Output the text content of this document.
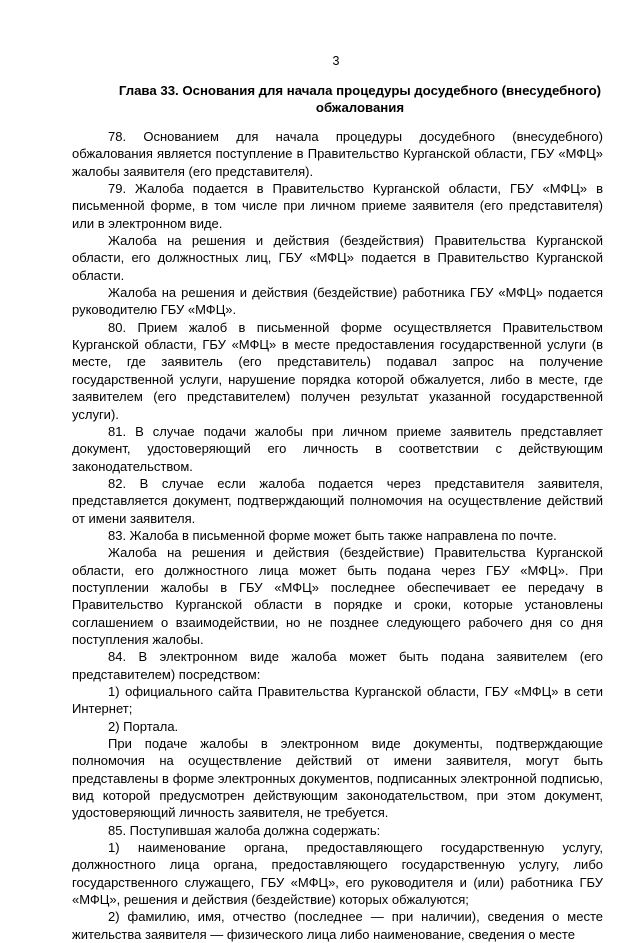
3
Глава 33. Основания для начала процедуры досудебного (внесудебного) обжалования

78. Основанием для начала процедуры досудебного (внесудебного) обжалования является поступление в Правительство Курганской области, ГБУ «МФЦ» жалобы заявителя (его представителя).

79. Жалоба подается в Правительство Курганской области, ГБУ «МФЦ» в письменной форме, в том числе при личном приеме заявителя (его представителя) или в электронном виде.

Жалоба на решения и действия (бездействия) Правительства Курганской области, его должностных лиц, ГБУ «МФЦ» подается в Правительство Курганской области.

Жалоба на решения и действия (бездействие) работника ГБУ «МФЦ» подается руководителю ГБУ «МФЦ».

80. Прием жалоб в письменной форме осуществляется Правительством Курганской области, ГБУ «МФЦ» в месте предоставления государственной услуги (в месте, где заявитель (его представитель) подавал запрос на получение государственной услуги, нарушение порядка которой обжалуется, либо в месте, где заявителем (его представителем) получен результат указанной государственной услуги).

81. В случае подачи жалобы при личном приеме заявитель представляет документ, удостоверяющий его личность в соответствии с действующим законодательством.

82. В случае если жалоба подается через представителя заявителя, представляется документ, подтверждающий полномочия на осуществление действий от имени заявителя.

83. Жалоба в письменной форме может быть также направлена по почте.

Жалоба на решения и действия (бездействие) Правительства Курганской области, его должностного лица может быть подана через ГБУ «МФЦ». При поступлении жалобы в ГБУ «МФЦ» последнее обеспечивает ее передачу в Правительство Курганской области в порядке и сроки, которые установлены соглашением о взаимодействии, но не позднее следующего рабочего дня со дня поступления жалобы.

84. В электронном виде жалоба может быть подана заявителем (его представителем) посредством:

1) официального сайта Правительства Курганской области, ГБУ «МФЦ» в сети Интернет;

2) Портала.

При подаче жалобы в электронном виде документы, подтверждающие полномочия на осуществление действий от имени заявителя, могут быть представлены в форме электронных документов, подписанных электронной подписью, вид которой предусмотрен действующим законодательством, при этом документ, удостоверяющий личность заявителя, не требуется.

85. Поступившая жалоба должна содержать:

1) наименование органа, предоставляющего государственную услугу, должностного лица органа, предоставляющего государственную услугу, либо государственного служащего, ГБУ «МФЦ», его руководителя и (или) работника ГБУ «МФЦ», решения и действия (бездействие) которых обжалуются;

2) фамилию, имя, отчество (последнее — при наличии), сведения о месте жительства заявителя — физического лица либо наименование, сведения о месте
